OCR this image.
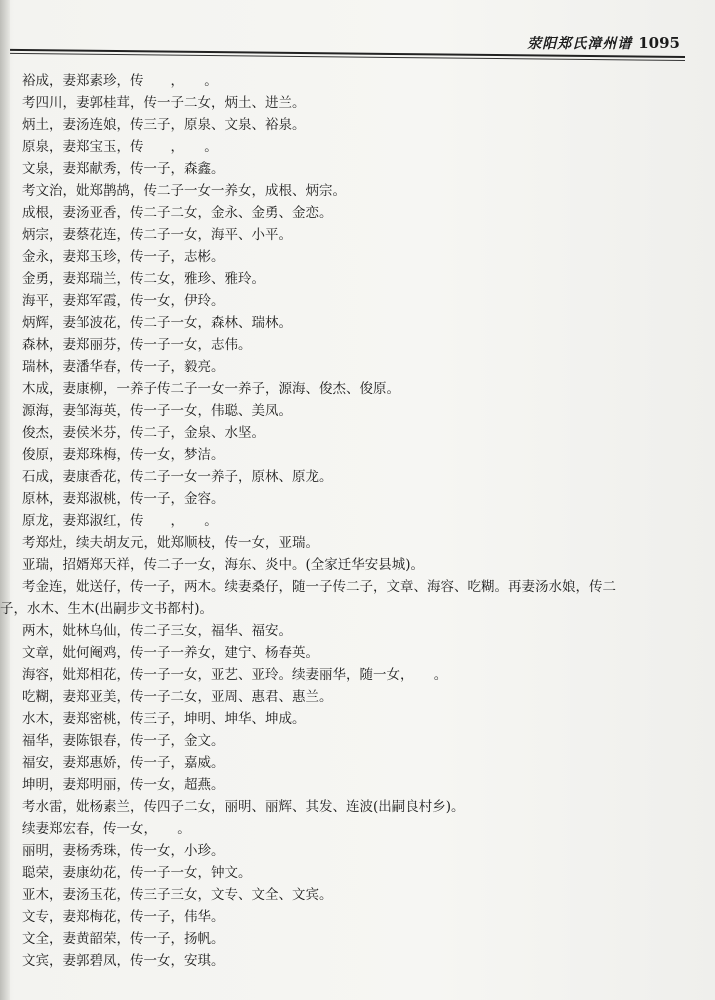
荥阳郑氏漳州谱 1095
裕成，妻郑素珍，传　　，　　。
考四川，妻郭桂茸，传一子二女，炳土、进兰。
炳土，妻汤连娘，传三子，原泉、文泉、裕泉。
原泉，妻郑宝玉，传　　，　　。
文泉，妻郑献秀，传一子，森鑫。
考文治，妣郑鹊鸪，传二子一女一养女，成根、炳宗。
成根，妻汤亚香，传二子二女，金永、金勇、金恋。
炳宗，妻蔡花连，传二子一女，海平、小平。
金永，妻郑玉珍，传一子，志彬。
金勇，妻郑瑞兰，传二女，雅珍、雅玲。
海平，妻郑军霞，传一女，伊玲。
炳辉，妻邹波花，传二子一女，森林、瑞林。
森林，妻郑丽芬，传一子一女，志伟。
瑞林，妻潘华春，传一子，毅亮。
木成，妻康柳，一养子传二子一女一养子，源海、俊杰、俊原。
源海，妻邹海英，传一子一女，伟聪、美凤。
俊杰，妻侯米芬，传二子，金泉、水坚。
俊原，妻郑珠梅，传一女，梦洁。
石成，妻康香花，传二子一女一养子，原林、原龙。
原林，妻郑淑桃，传一子，金容。
原龙，妻郑淑红，传　　，　　。
考郑灶，续夫胡友元，妣郑顺枝，传一女，亚瑞。
亚瑞，招婿郑天祥，传二子一女，海东、炎中。(全家迁华安县城)。
考金连，妣送仔，传一子，两木。续妻桑仔，随一子传二子，文章、海容、吃糊。再妻汤水娘，传二
子，水木、生木(出嗣步文书都村)。
两木，妣林乌仙，传二子三女，福华、福安。
文章，妣何阉鸡，传一子一养女，建宁、杨春英。
海容，妣郑相花，传一子一女，亚艺、亚玲。续妻丽华，随一女，　　。
吃糊，妻郑亚美，传一子二女，亚周、惠君、惠兰。
水木，妻郑密桃，传三子，坤明、坤华、坤成。
福华，妻陈银春，传一子，金文。
福安，妻郑惠娇，传一子，嘉威。
坤明，妻郑明丽，传一女，超燕。
考水雷，妣杨素兰，传四子二女，丽明、丽辉、其发、连波(出嗣良村乡)。
续妻郑宏春，传一女，　　。
丽明，妻杨秀珠，传一女，小珍。
聪荣，妻康幼花，传一子一女，钟文。
亚木，妻汤玉花，传三子三女，文专、文全、文宾。
文专，妻郑梅花，传一子，伟华。
文全，妻黄韶荣，传一子，扬帆。
文宾，妻郭碧凤，传一女，安琪。
